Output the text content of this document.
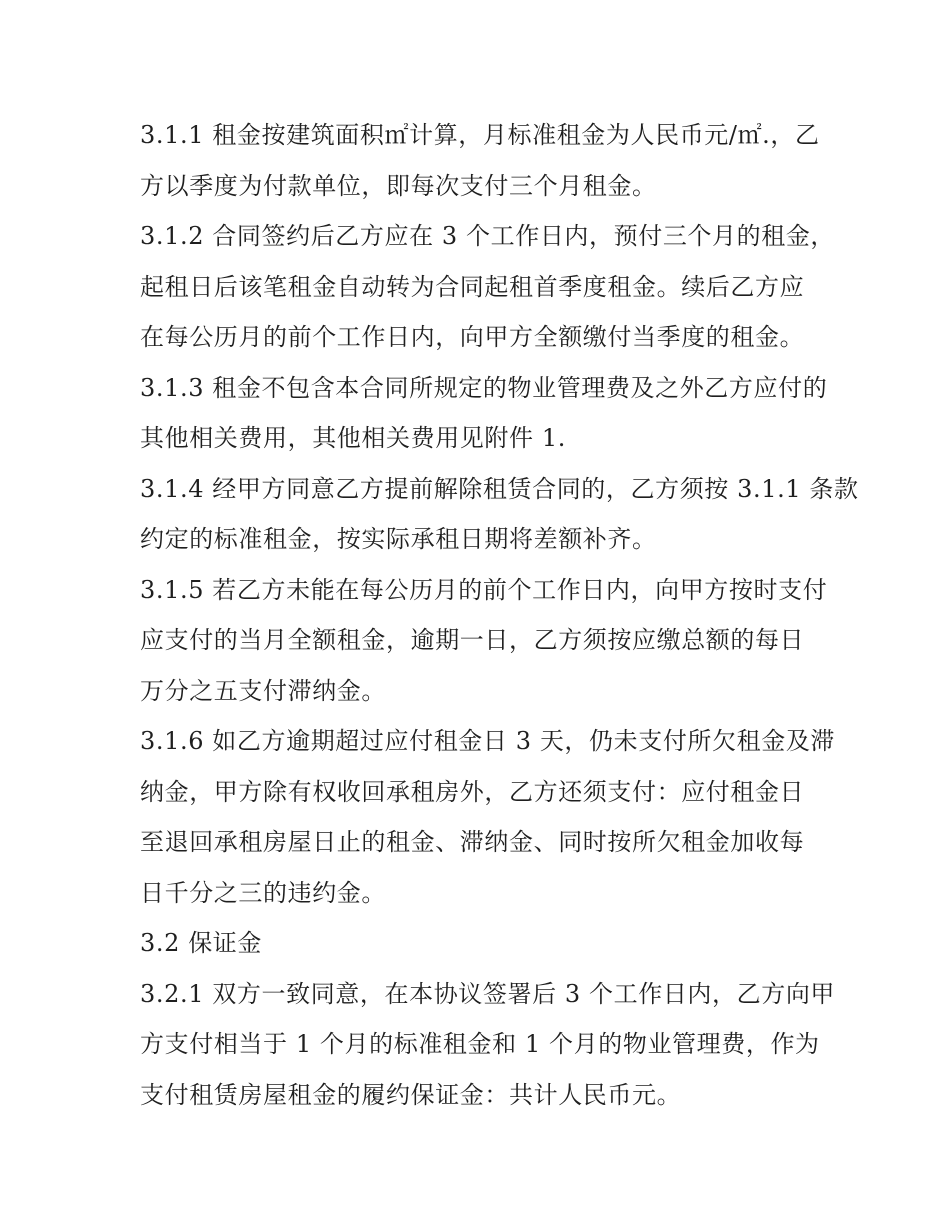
3.1.1 租金按建筑面积㎡计算，月标准租金为人民币元/㎡.，乙
方以季度为付款单位，即每次支付三个月租金。
3.1.2 合同签约后乙方应在 3 个工作日内，预付三个月的租金，
起租日后该笔租金自动转为合同起租首季度租金。续后乙方应
在每公历月的前个工作日内，向甲方全额缴付当季度的租金。
3.1.3 租金不包含本合同所规定的物业管理费及之外乙方应付的
其他相关费用，其他相关费用见附件 1.
3.1.4 经甲方同意乙方提前解除租赁合同的，乙方须按 3.1.1 条款
约定的标准租金，按实际承租日期将差额补齐。
3.1.5 若乙方未能在每公历月的前个工作日内，向甲方按时支付
应支付的当月全额租金，逾期一日，乙方须按应缴总额的每日
万分之五支付滞纳金。
3.1.6 如乙方逾期超过应付租金日 3 天，仍未支付所欠租金及滞
纳金，甲方除有权收回承租房外，乙方还须支付：应付租金日
至退回承租房屋日止的租金、滞纳金、同时按所欠租金加收每
日千分之三的违约金。
3.2 保证金
3.2.1 双方一致同意，在本协议签署后 3 个工作日内，乙方向甲
方支付相当于 1 个月的标准租金和 1 个月的物业管理费，作为
支付租赁房屋租金的履约保证金：共计人民币元。
